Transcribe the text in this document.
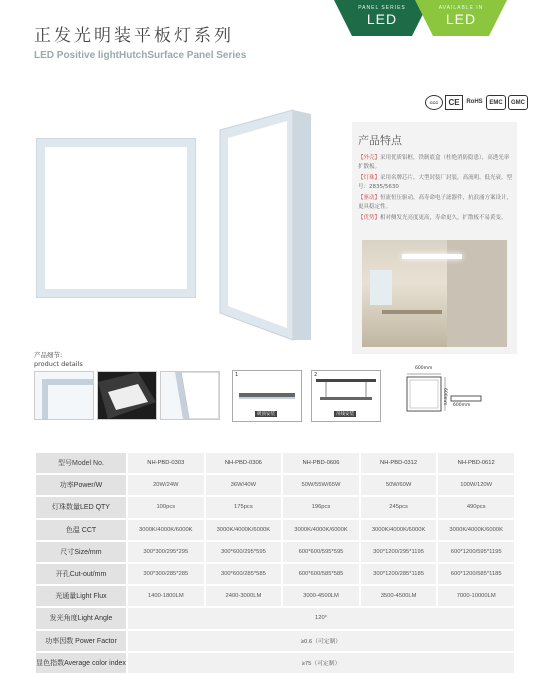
正发光明装平板灯系列
LED Positive lightHutchSurface Panel Series
PANEL SERIES
LED
AVAILABLE IN
LED
CCC	CE	RoHS	EMC	GMC
【外壳】采用优质铝框，铁制底盒（杜绝消防隐患），高透光率扩散板。
【灯珠】采用名牌芯片，大型封装厂封装，高流明、低光衰。型号：2835/5630
【驱动】恒流恒压驱动，高寿命电子滤器件，抗浪涌方案设计，更具稳定性。
【优势】相对侧发光亮度更高，寿命更久，扩散板不易黄变。
产品特点
产品细节:
product details
1
吸顶安装
2
吊线安装
600mm
600mm
600mm
型号Model No.	NH-PBD-0303	NH-PBD-0306	NH-PBD-0606	NH-PBD-0312	NH-PBD-0612
功率Power/W	20W/24W	36W/40W	50W/55W/65W	50W/60W	100W/120W
灯珠数量LED QTY	100pcs	175pcs	196pcs	245pcs	490pcs
色温 CCT	3000K/4000K/6000K	3000K/4000K/6000K	3000K/4000K/6000K	3000K/4000K/6000K	3000K/4000K/6000K
尺寸Size/mm	300*300/295*295	300*600/295*595	600*600/595*595	300*1200/295*1195	600*1200/595*1195
开孔Cut-out/mm	300*300/285*285	300*600/285*585	600*600/585*585	300*1200/285*1185	600*1200/585*1185
光通量Light Flux	1400-1800LM	2400-3000LM	3000-4500LM	3500-4500LM	7000-10000LM
发光角度Light Angle	120°				
功率因数 Power Factor	≥0.6（可定制）				
显色指数Average color index	≥75（可定制）				
